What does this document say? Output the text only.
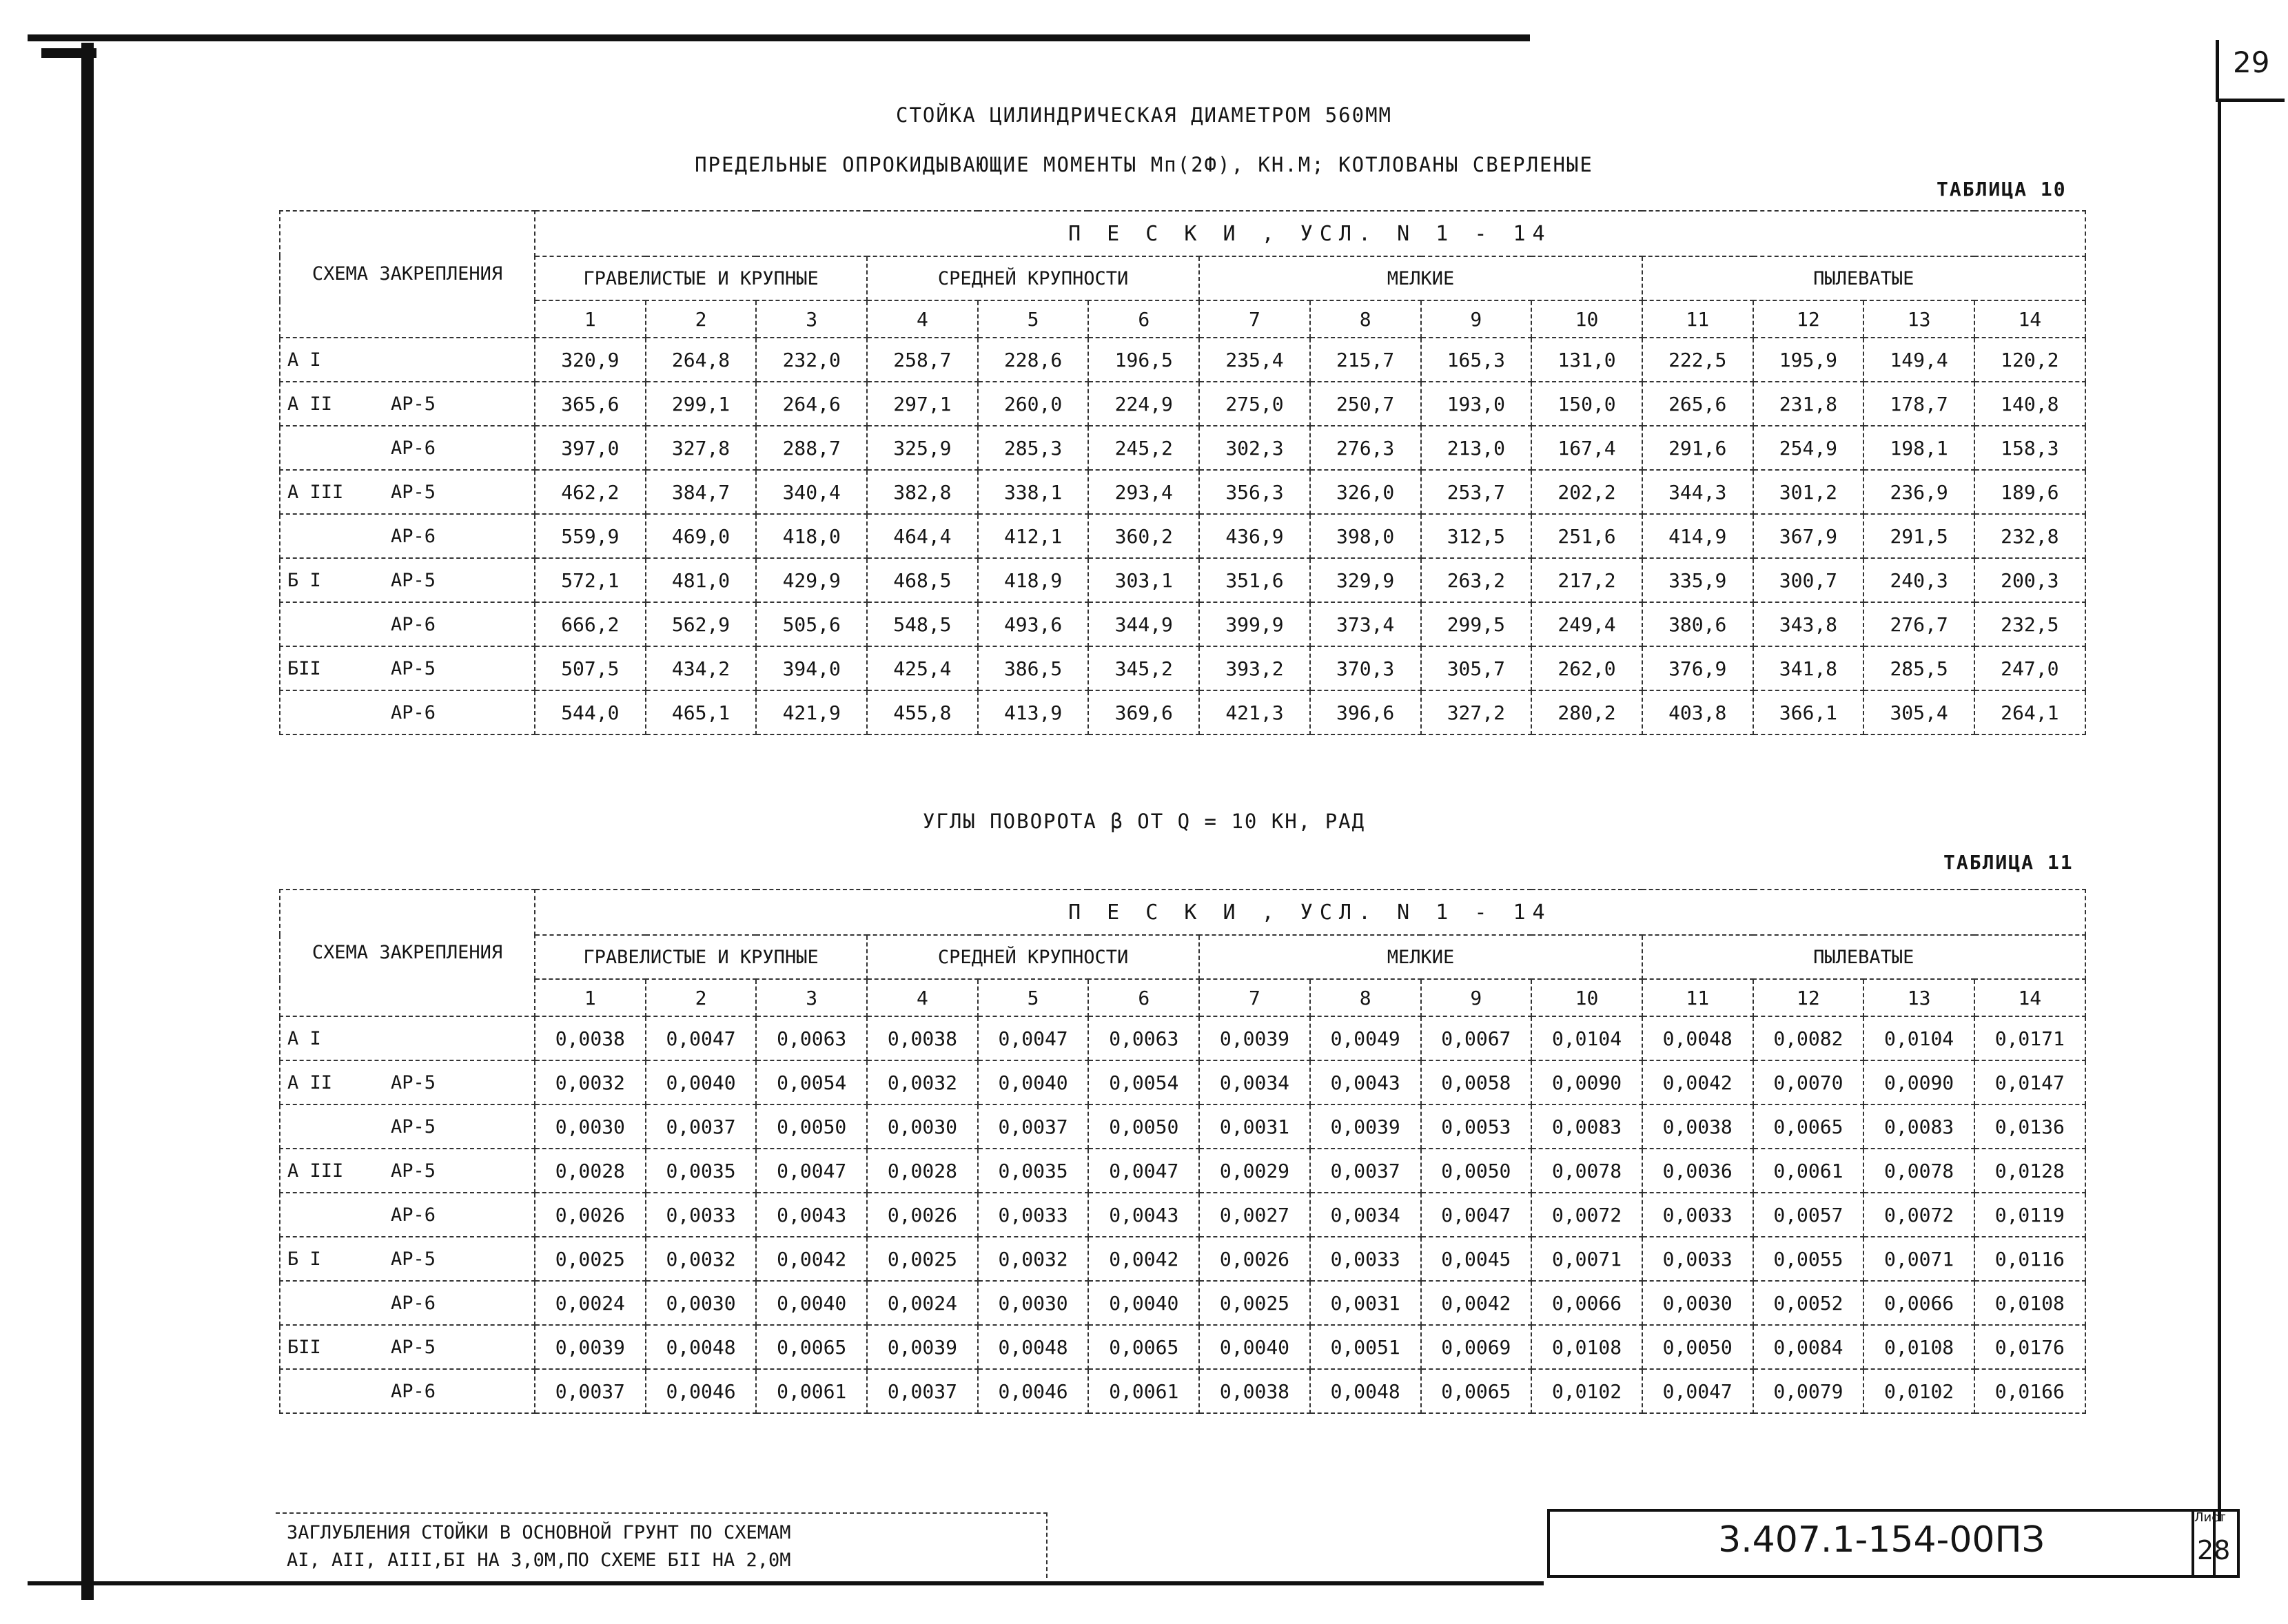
29
СТОЙКА ЦИЛИНДРИЧЕСКАЯ ДИАМЕТРОМ 560ММ
ПРЕДЕЛЬНЫЕ ОПРОКИДЫВАЮЩИЕ МОМЕНТЫ Мп(2Ф), КН.М; КОТЛОВАНЫ СВЕРЛЕНЫЕ
ТАБЛИЦА 10
СХЕМА ЗАКРЕПЛЕНИЯ	П Е С К И , УСЛ. N 1 - 14													
	ГРАВЕЛИСТЫЕ И КРУПНЫЕ			СРЕДНЕЙ КРУПНОСТИ			МЕЛКИЕ				ПЫЛЕВАТЫЕ			
	1	2	3	4	5	6	7	8	9	10	11	12	13	14
А I	320,9	264,8	232,0	258,7	228,6	196,5	235,4	215,7	165,3	131,0	222,5	195,9	149,4	120,2
А II АР-5	365,6	299,1	264,6	297,1	260,0	224,9	275,0	250,7	193,0	150,0	265,6	231,8	178,7	140,8
АР-6	397,0	327,8	288,7	325,9	285,3	245,2	302,3	276,3	213,0	167,4	291,6	254,9	198,1	158,3
А III АР-5	462,2	384,7	340,4	382,8	338,1	293,4	356,3	326,0	253,7	202,2	344,3	301,2	236,9	189,6
АР-6	559,9	469,0	418,0	464,4	412,1	360,2	436,9	398,0	312,5	251,6	414,9	367,9	291,5	232,8
Б I АР-5	572,1	481,0	429,9	468,5	418,9	303,1	351,6	329,9	263,2	217,2	335,9	300,7	240,3	200,3
АР-6	666,2	562,9	505,6	548,5	493,6	344,9	399,9	373,4	299,5	249,4	380,6	343,8	276,7	232,5
БII АР-5	507,5	434,2	394,0	425,4	386,5	345,2	393,2	370,3	305,7	262,0	376,9	341,8	285,5	247,0
АР-6	544,0	465,1	421,9	455,8	413,9	369,6	421,3	396,6	327,2	280,2	403,8	366,1	305,4	264,1
УГЛЫ ПОВОРОТА β ОТ Q = 10 КН, РАД
ТАБЛИЦА 11
СХЕМА ЗАКРЕПЛЕНИЯ	П Е С К И , УСЛ. N 1 - 14													
	ГРАВЕЛИСТЫЕ И КРУПНЫЕ			СРЕДНЕЙ КРУПНОСТИ			МЕЛКИЕ				ПЫЛЕВАТЫЕ			
	1	2	3	4	5	6	7	8	9	10	11	12	13	14
А I	0,0038	0,0047	0,0063	0,0038	0,0047	0,0063	0,0039	0,0049	0,0067	0,0104	0,0048	0,0082	0,0104	0,0171
А II АР-5	0,0032	0,0040	0,0054	0,0032	0,0040	0,0054	0,0034	0,0043	0,0058	0,0090	0,0042	0,0070	0,0090	0,0147
АР-5	0,0030	0,0037	0,0050	0,0030	0,0037	0,0050	0,0031	0,0039	0,0053	0,0083	0,0038	0,0065	0,0083	0,0136
А III АР-5	0,0028	0,0035	0,0047	0,0028	0,0035	0,0047	0,0029	0,0037	0,0050	0,0078	0,0036	0,0061	0,0078	0,0128
АР-6	0,0026	0,0033	0,0043	0,0026	0,0033	0,0043	0,0027	0,0034	0,0047	0,0072	0,0033	0,0057	0,0072	0,0119
Б I АР-5	0,0025	0,0032	0,0042	0,0025	0,0032	0,0042	0,0026	0,0033	0,0045	0,0071	0,0033	0,0055	0,0071	0,0116
АР-6	0,0024	0,0030	0,0040	0,0024	0,0030	0,0040	0,0025	0,0031	0,0042	0,0066	0,0030	0,0052	0,0066	0,0108
БII АР-5	0,0039	0,0048	0,0065	0,0039	0,0048	0,0065	0,0040	0,0051	0,0069	0,0108	0,0050	0,0084	0,0108	0,0176
АР-6	0,0037	0,0046	0,0061	0,0037	0,0046	0,0061	0,0038	0,0048	0,0065	0,0102	0,0047	0,0079	0,0102	0,0166
ЗАГЛУБЛЕНИЯ СТОЙКИ В ОСНОВНОЙ ГРУНТ ПО СХЕМАМ
АI, АII, АIII,БI НА 3,0М,ПО СХЕМЕ БII НА 2,0М	3.407.1-154-00ПЗ
Лист
28
